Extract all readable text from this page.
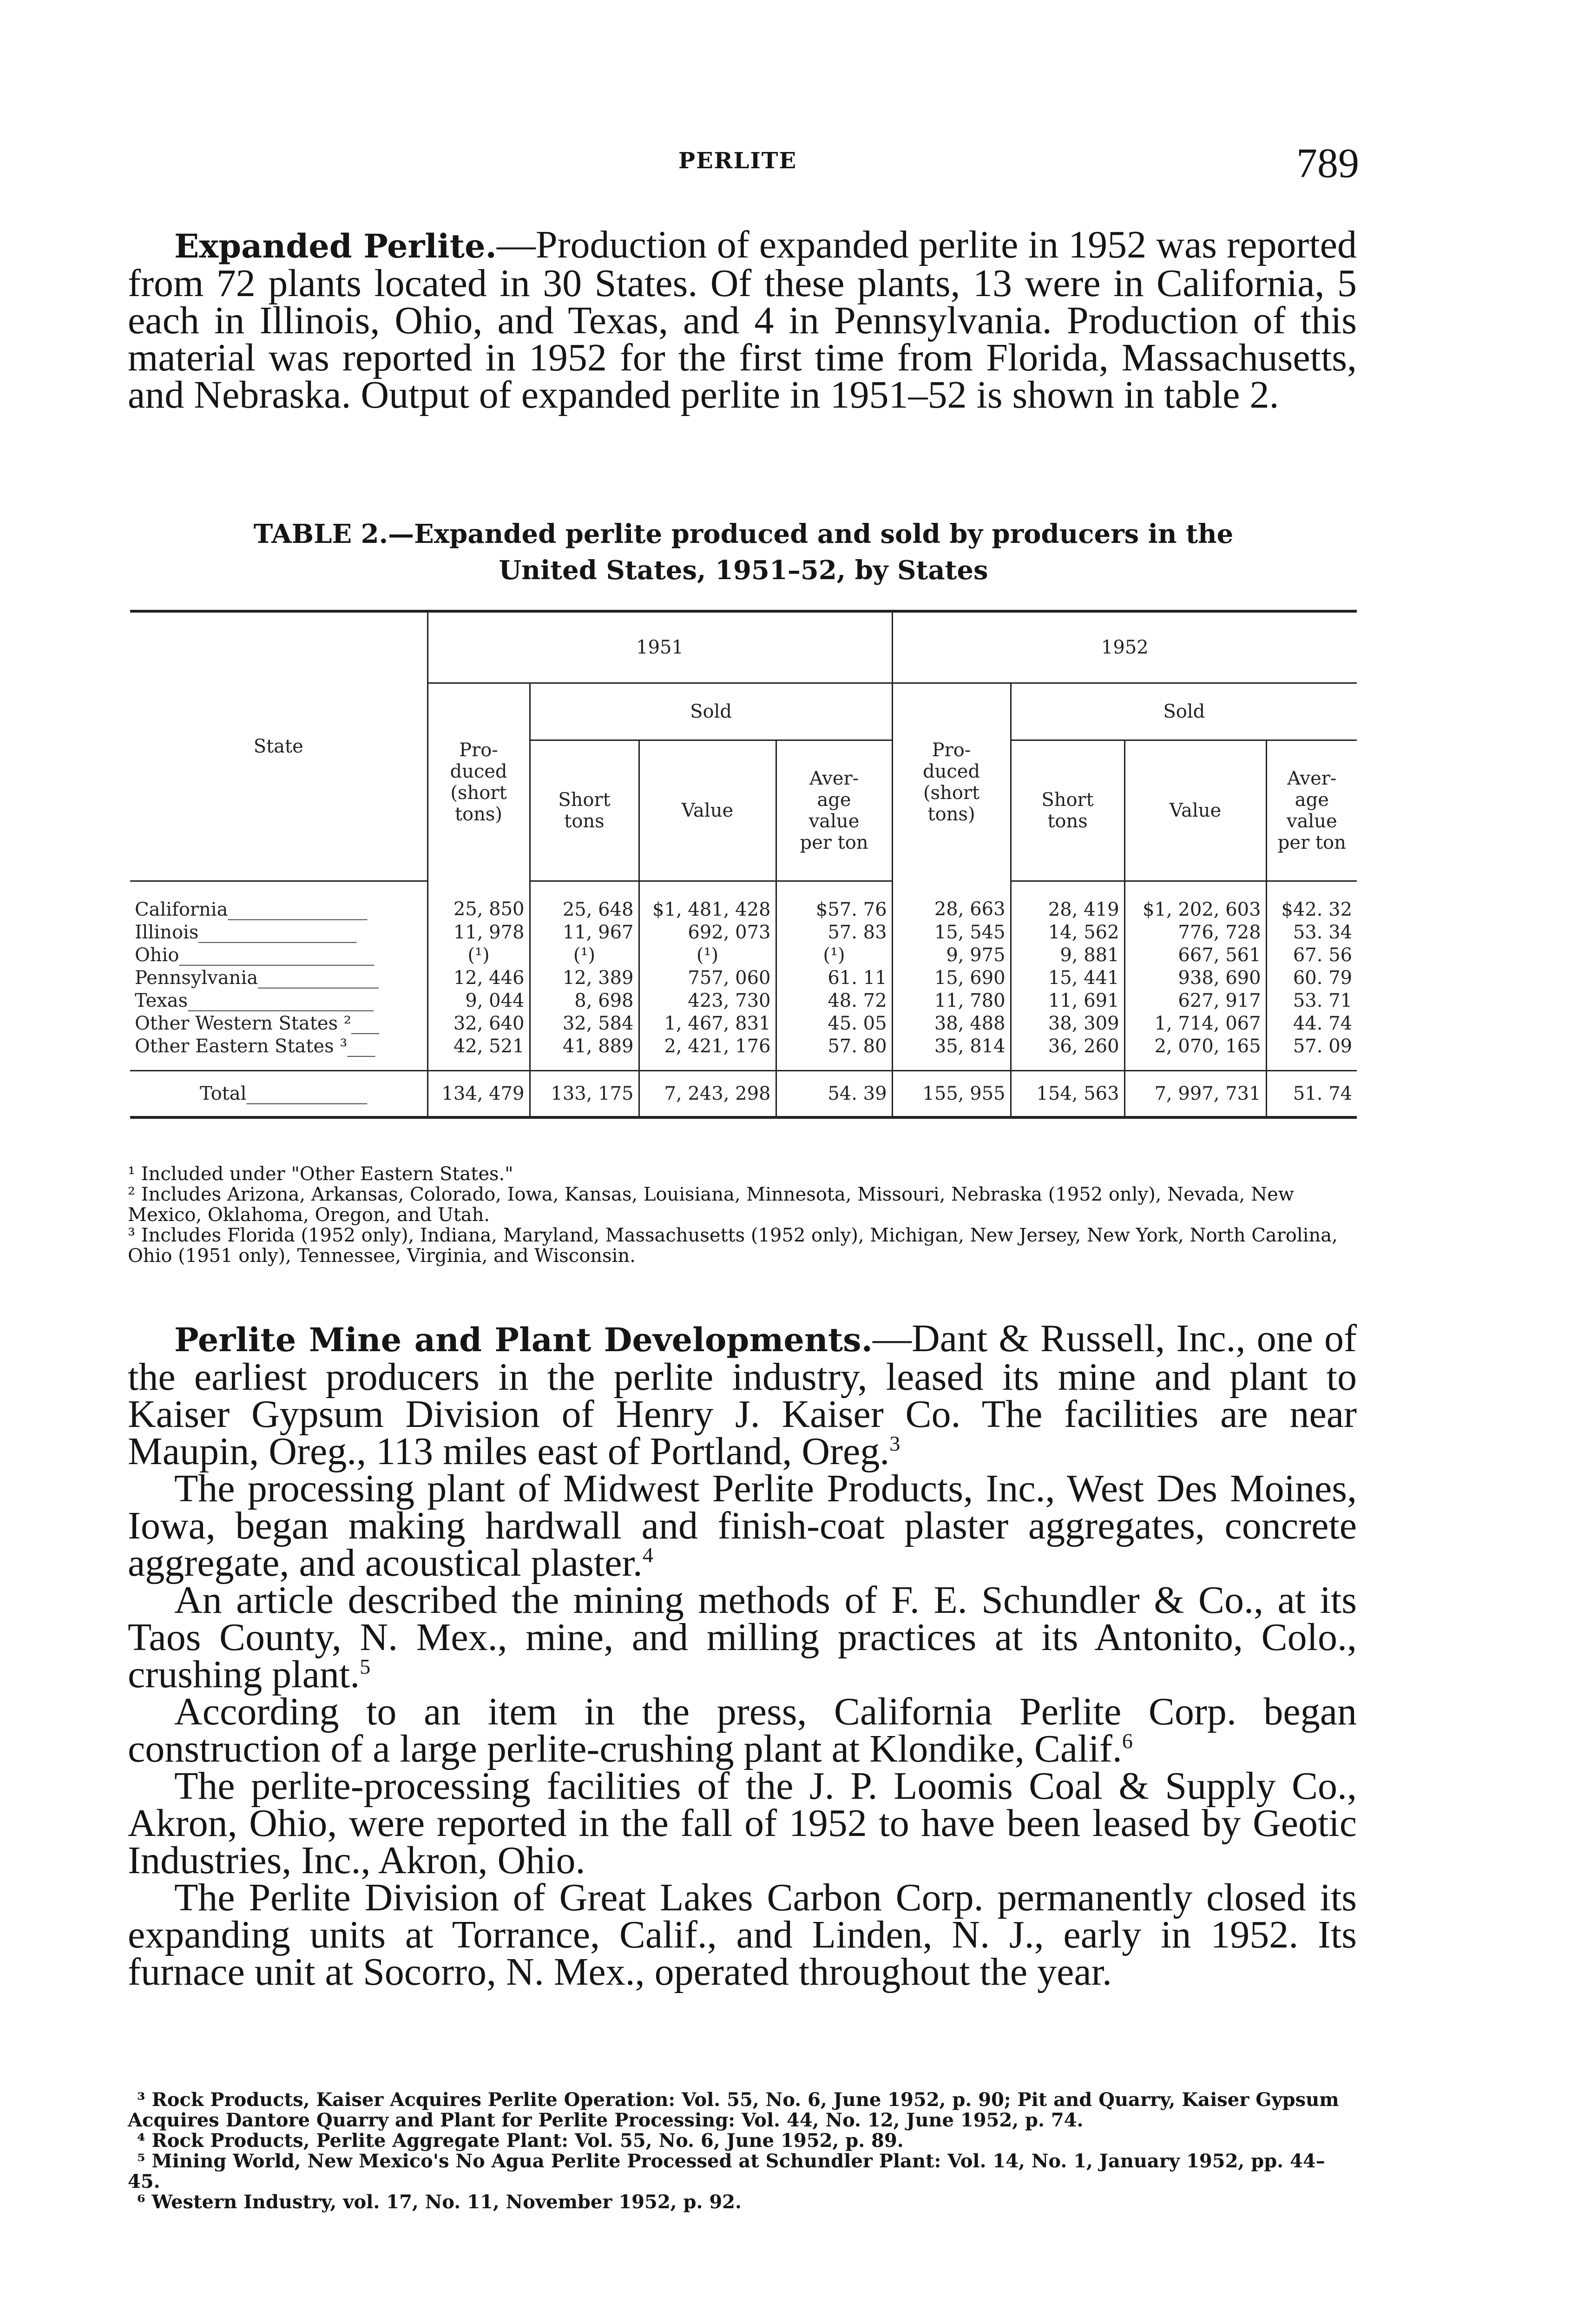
PERLITE	789

Expanded Perlite.—Production of expanded perlite in 1952 was reported from 72 plants located in 30 States. Of these plants, 13 were in California, 5 each in Illinois, Ohio, and Texas, and 4 in Pennsylvania. Production of this material was reported in 1952 for the first time from Florida, Massachusetts, and Nebraska. Output of expanded perlite in 1951–52 is shown in table 2.

TABLE 2.—Expanded perlite produced and sold by producers in the
United States, 1951–52, by States
State	1951				1952			
	Pro-
duced
(short
tons)	Sold			Pro-
duced
(short
tons)	Sold		
		Short
tons	Value	Aver-
age
value
per ton		Short
tons	Value	Aver-
age
value
per ton
California_______________	25, 850	25, 648	$1, 481, 428	$57. 76	28, 663	28, 419	$1, 202, 603	$42. 32
Illinois_________________	11, 978	11, 967	692, 073	57. 83	15, 545	14, 562	776, 728	53. 34
Ohio_____________________	(¹)	(¹)	(¹)	(¹)	9, 975	9, 881	667, 561	67. 56
Pennsylvania_____________	12, 446	12, 389	757, 060	61. 11	15, 690	15, 441	938, 690	60. 79
Texas____________________	9, 044	8, 698	423, 730	48. 72	11, 780	11, 691	627, 917	53. 71
Other Western States ²___	32, 640	32, 584	1, 467, 831	45. 05	38, 488	38, 309	1, 714, 067	44. 74
Other Eastern States ³___	42, 521	41, 889	2, 421, 176	57. 80	35, 814	36, 260	2, 070, 165	57. 09
Total_____________	134, 479	133, 175	7, 243, 298	54. 39	155, 955	154, 563	7, 997, 731	51. 74

¹ Included under "Other Eastern States."

² Includes Arizona, Arkansas, Colorado, Iowa, Kansas, Louisiana, Minnesota, Missouri, Nebraska (1952 only), Nevada, New Mexico, Oklahoma, Oregon, and Utah.

³ Includes Florida (1952 only), Indiana, Maryland, Massachusetts (1952 only), Michigan, New Jersey, New York, North Carolina, Ohio (1951 only), Tennessee, Virginia, and Wisconsin.

Perlite Mine and Plant Developments.—Dant & Russell, Inc., one of the earliest producers in the perlite industry, leased its mine and plant to Kaiser Gypsum Division of Henry J. Kaiser Co. The facilities are near Maupin, Oreg., 113 miles east of Portland, Oreg.$^3$

The processing plant of Midwest Perlite Products, Inc., West Des Moines, Iowa, began making hardwall and finish-coat plaster aggregates, concrete aggregate, and acoustical plaster.$^4$

An article described the mining methods of F. E. Schundler & Co., at its Taos County, N. Mex., mine, and milling practices at its Antonito, Colo., crushing plant.$^5$

According to an item in the press, California Perlite Corp. began construction of a large perlite-crushing plant at Klondike, Calif.$^6$

The perlite-processing facilities of the J. P. Loomis Coal & Supply Co., Akron, Ohio, were reported in the fall of 1952 to have been leased by Geotic Industries, Inc., Akron, Ohio.

The Perlite Division of Great Lakes Carbon Corp. permanently closed its expanding units at Torrance, Calif., and Linden, N. J., early in 1952. Its furnace unit at Socorro, N. Mex., operated throughout the year.

³ Rock Products, Kaiser Acquires Perlite Operation: Vol. 55, No. 6, June 1952, p. 90; Pit and Quarry, Kaiser Gypsum Acquires Dantore Quarry and Plant for Perlite Processing: Vol. 44, No. 12, June 1952, p. 74.

⁴ Rock Products, Perlite Aggregate Plant: Vol. 55, No. 6, June 1952, p. 89.

⁵ Mining World, New Mexico's No Agua Perlite Processed at Schundler Plant: Vol. 14, No. 1, January 1952, pp. 44–45.

⁶ Western Industry, vol. 17, No. 11, November 1952, p. 92.
